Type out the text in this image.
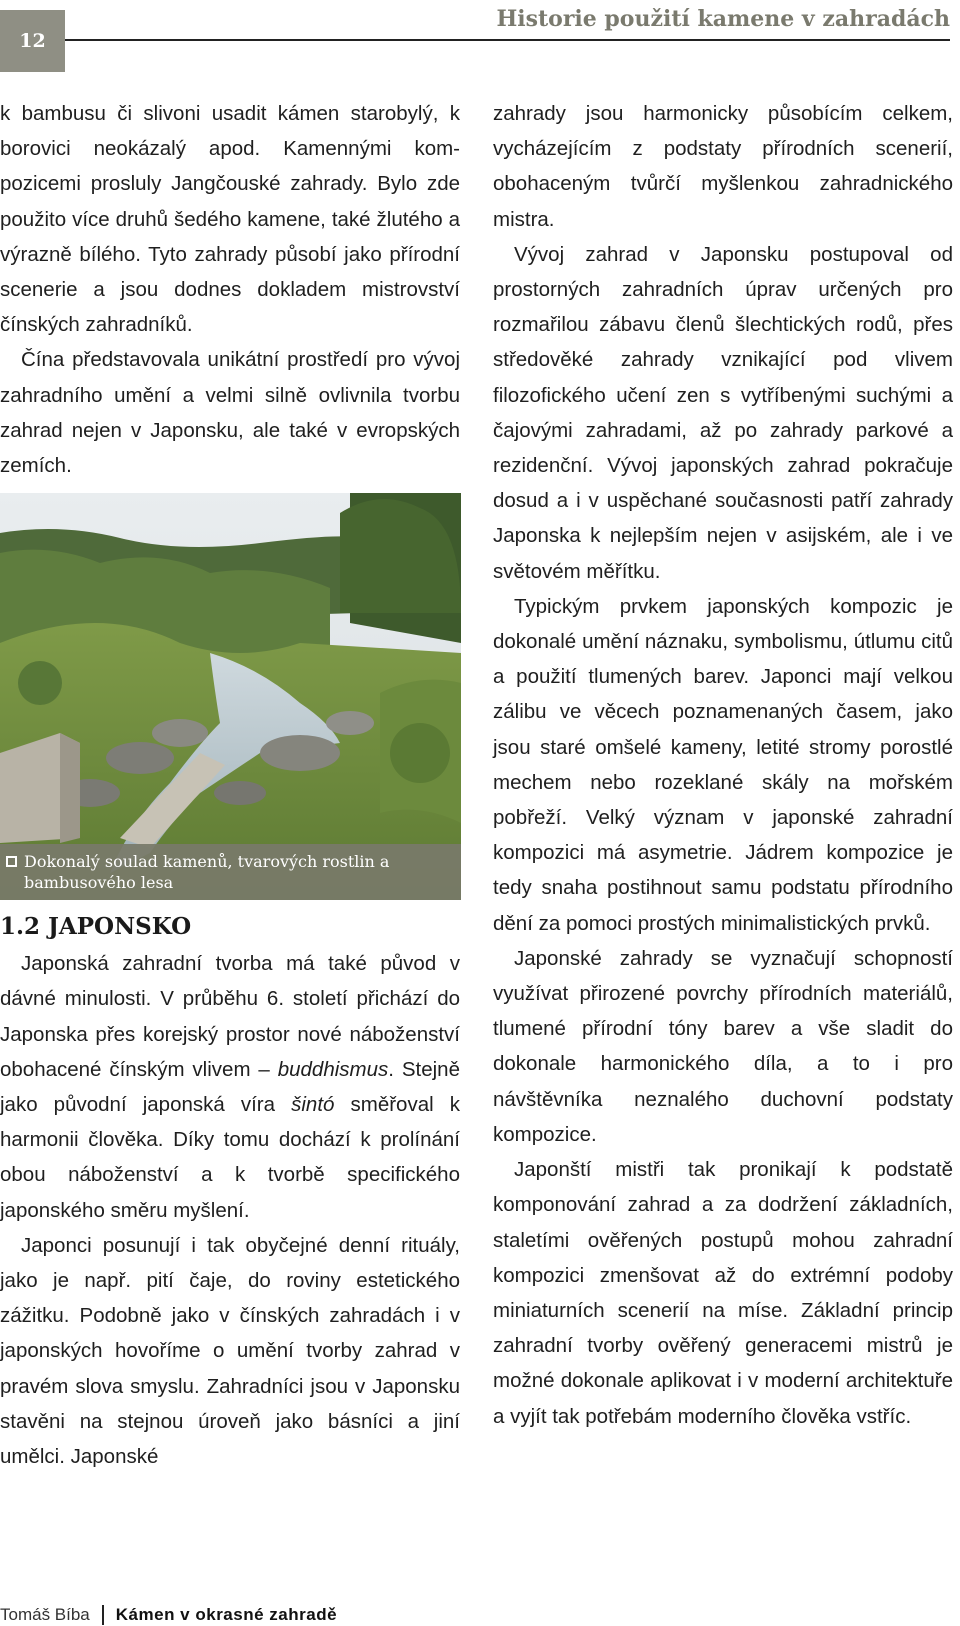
12
Historie použití kamene v zahradách

k bambusu či slivoni usadit kámen starobylý, k borovici neokázalý apod. Kamennými kompozicemi prosluly Jangčouské zahrady. Bylo zde použito více druhů šedého kamene, také žlutého a výrazně bílého. Tyto zahrady působí jako přírodní scenerie a jsou dodnes dokladem mistrovství čínských zahradníků.

Čína představovala unikátní prostředí pro vývoj zahradního umění a velmi silně ovlivnila tvorbu zahrad nejen v Japonsku, ale také v evropských zemích.

Dokonalý soulad kamenů, tvarových rostlin a bambusového lesa
1.2 JAPONSKO

Japonská zahradní tvorba má také původ v dávné minulosti. V průběhu 6. století přichází do Japonska přes korejský prostor nové náboženství obohacené čínským vlivem – buddhismus. Stejně jako původní japonská víra šintó směřoval k harmonii člověka. Díky tomu dochází k prolínání obou náboženství a k tvorbě specifického japonského směru myšlení.

Japonci posunují i tak obyčejné denní rituály, jako je např. pití čaje, do roviny estetického zážitku. Podobně jako v čínských zahradách i v japonských hovoříme o umění tvorby zahrad v pravém slova smyslu. Zahradníci jsou v Japonsku stavěni na stejnou úroveň jako básníci a jiní umělci. Japonské

zahrady jsou harmonicky působícím celkem, vycházejícím z podstaty přírodních scenerií, obohaceným tvůrčí myšlenkou zahradnického mistra.

Vývoj zahrad v Japonsku postupoval od prostorných zahradních úprav určených pro rozmařilou zábavu členů šlechtických rodů, přes středověké zahrady vznikající pod vlivem filozofického učení zen s vytříbenými suchými a čajovými zahradami, až po zahrady parkové a rezidenční. Vývoj japonských zahrad pokračuje dosud a i v uspěchané současnosti patří zahrady Japonska k nejlepším nejen v asijském, ale i ve světovém měřítku.

Typickým prvkem japonských kompozic je dokonalé umění náznaku, symbolismu, útlumu citů a použití tlumených barev. Japonci mají velkou zálibu ve věcech poznamenaných časem, jako jsou staré omšelé kameny, letité stromy porostlé mechem nebo rozeklané skály na mořském pobřeží. Velký význam v japonské zahradní kompozici má asymetrie. Jádrem kompozice je tedy snaha postihnout samu podstatu přírodního dění za pomoci prostých minimalistických prvků.

Japonské zahrady se vyznačují schopností využívat přirozené povrchy přírodních materiálů, tlumené přírodní tóny barev a vše sladit do dokonale harmonického díla, a to i pro návštěvníka neznalého duchovní podstaty kompozice.

Japonští mistři tak pronikají k podstatě komponování zahrad a za dodržení základních, staletími ověřených postupů mohou zahradní kompozici zmenšovat až do extrémní podoby miniaturních scenerií na míse. Základní princip zahradní tvorby ověřený generacemi mistrů je možné dokonale aplikovat i v moderní architektuře a vyjít tak potřebám moderního člověka vstříc.

Tomáš Bíba Kámen v okrasné zahradě
